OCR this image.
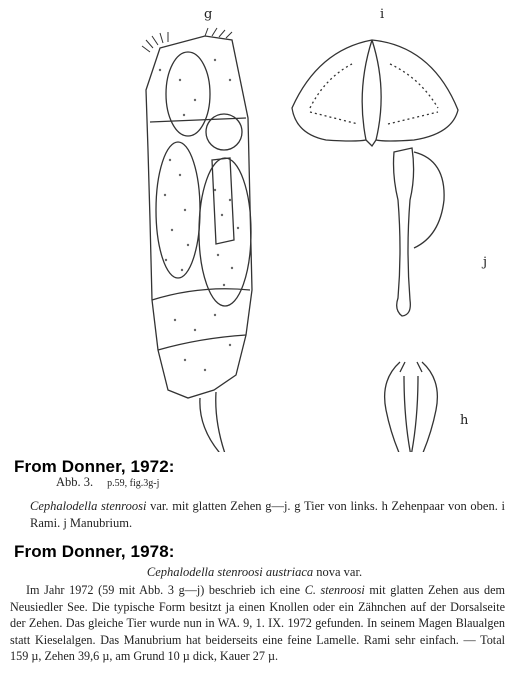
g	i
j
h
From Donner, 1972:
Abb. 3. p.59, fig.3g-j
Cephalodella stenroosi var. mit glatten Zehen g—j. g Tier von links. h Zehenpaar von oben. i Rami. j Manubrium.
From Donner, 1978:
Cephalodella stenroosi austriaca nova var.
Im Jahr 1972 (59 mit Abb. 3 g—j) beschrieb ich eine C. stenroosi mit glatten Zehen aus dem Neusiedler See. Die typische Form besitzt ja einen Knollen oder ein Zähnchen auf der Dorsalseite der Zehen. Das gleiche Tier wurde nun in WA. 9, 1. IX. 1972 gefunden. In seinem Magen Blaualgen statt Kieselalgen. Das Manubrium hat beiderseits eine feine Lamelle. Rami sehr einfach. — Total 159 µ, Zehen 39,6 µ, am Grund 10 µ dick, Kauer 27 µ.
